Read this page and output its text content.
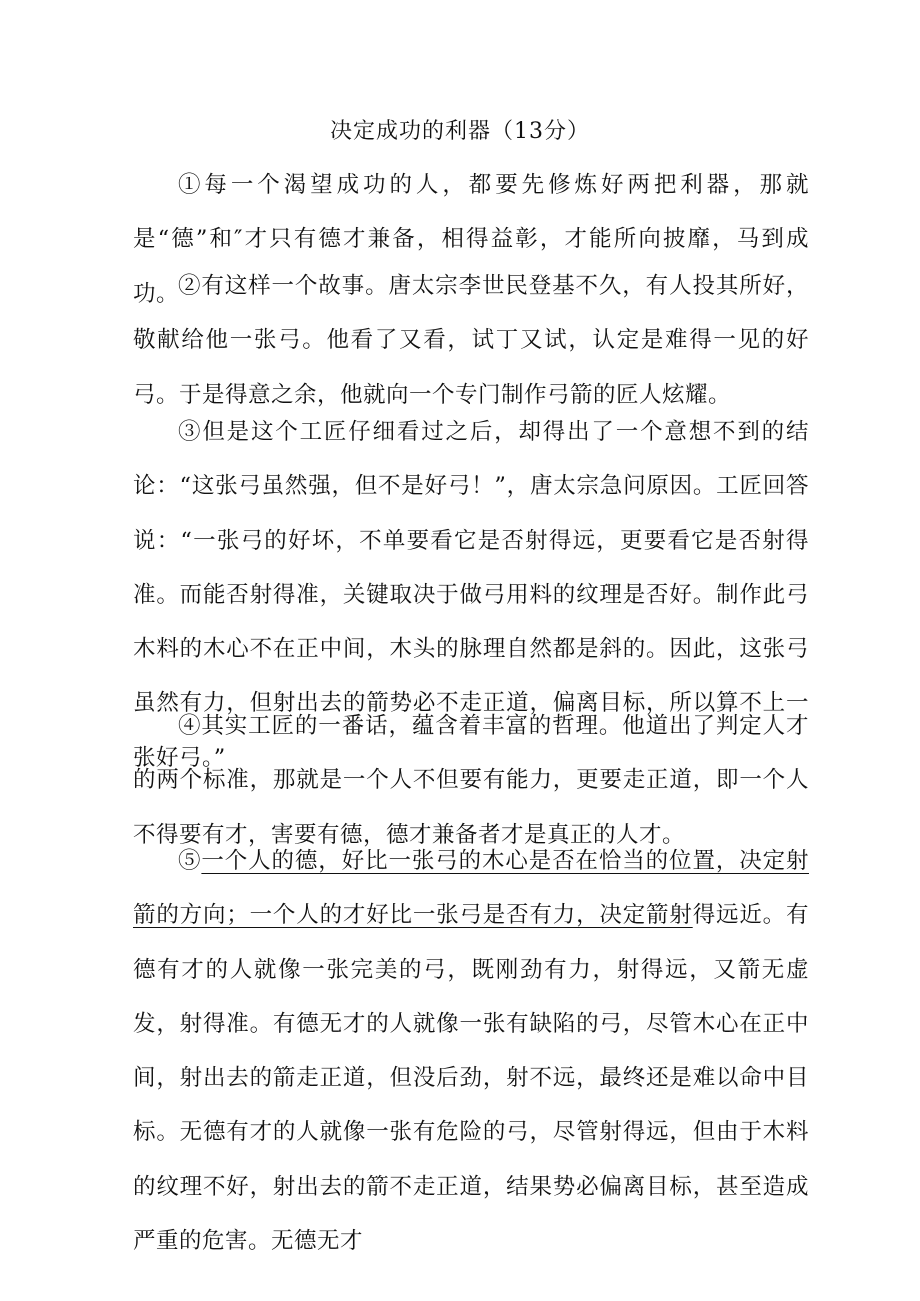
决定成功的利器（13分）

①每一个渴望成功的人，都要先修炼好两把利器，那就是“德”和″才只有德才兼备，相得益彰，才能所向披靡，马到成功。

②有这样一个故事。唐太宗李世民登基不久，有人投其所好，敬献给他一张弓。他看了又看，试丁又试，认定是难得一见的好弓。于是得意之余，他就向一个专门制作弓箭的匠人炫耀。

③但是这个工匠仔细看过之后，却得出了一个意想不到的结论：“这张弓虽然强，但不是好弓！”，唐太宗急问原因。工匠回答说：“一张弓的好坏，不单要看它是否射得远，更要看它是否射得准。而能否射得准，关键取决于做弓用料的纹理是否好。制作此弓木料的木心不在正中间，木头的脉理自然都是斜的。因此，这张弓虽然有力，但射出去的箭势必不走正道，偏离目标，所以算不上一张好弓。”

④其实工匠的一番话，蕴含着丰富的哲理。他道出了判定人才的两个标准，那就是一个人不但要有能力，更要走正道，即一个人不得要有才，害要有德，德才兼备者才是真正的人才。

⑤一个人的德，好比一张弓的木心是否在恰当的位置，决定射箭的方向；一个人的才好比一张弓是否有力，决定箭射得远近。有德有才的人就像一张完美的弓，既刚劲有力，射得远，又箭无虚发，射得准。有德无才的人就像一张有缺陷的弓，尽管木心在正中间，射出去的箭走正道，但没后劲，射不远，最终还是难以命中目标。无德有才的人就像一张有危险的弓，尽管射得远，但由于木料的纹理不好，射出去的箭不走正道，结果势必偏离目标，甚至造成严重的危害。无德无才
